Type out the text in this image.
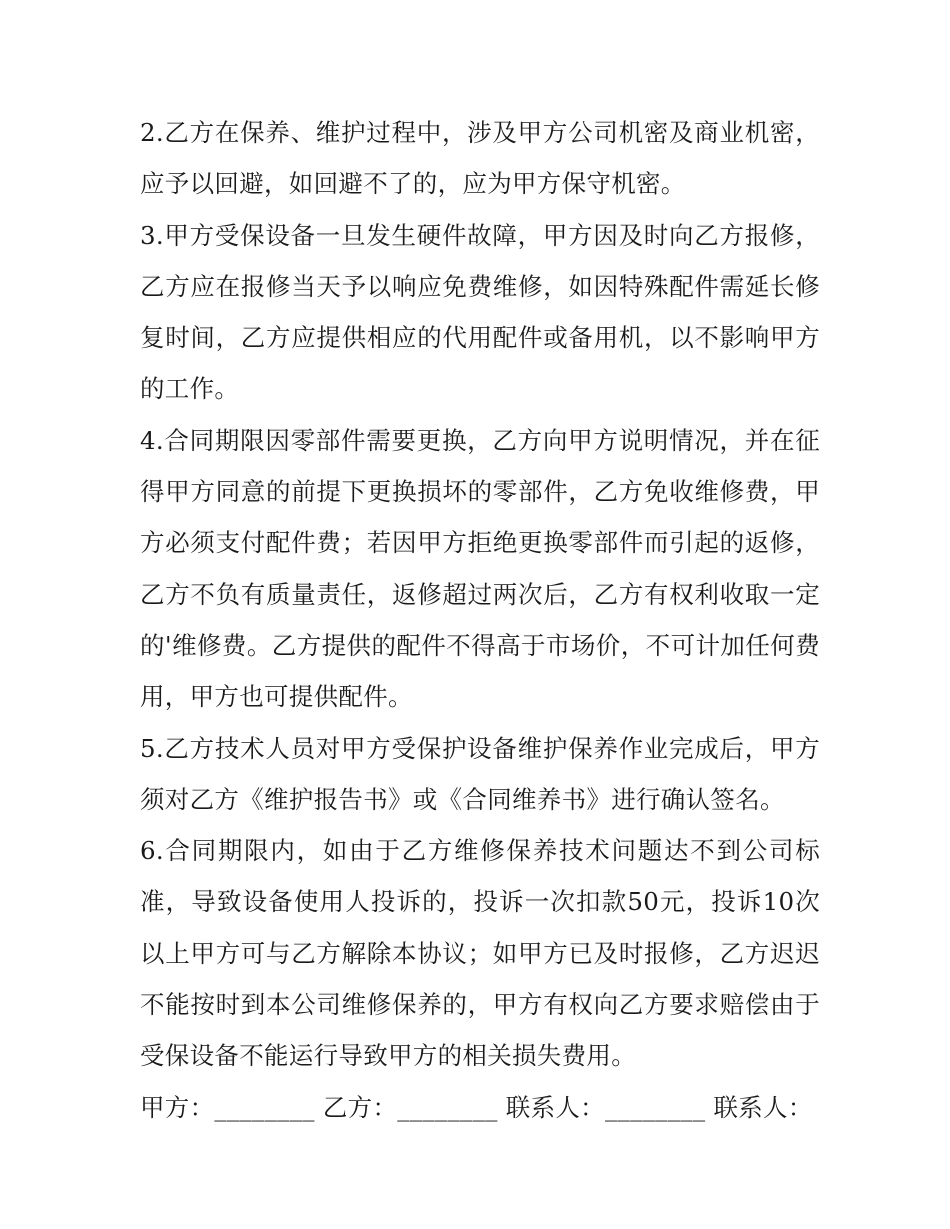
2.乙方在保养、维护过程中，涉及甲方公司机密及商业机密，应予以回避，如回避不了的，应为甲方保守机密。

3.甲方受保设备一旦发生硬件故障，甲方因及时向乙方报修，乙方应在报修当天予以响应免费维修，如因特殊配件需延长修复时间，乙方应提供相应的代用配件或备用机，以不影响甲方的工作。

4.合同期限因零部件需要更换，乙方向甲方说明情况，并在征得甲方同意的前提下更换损坏的零部件，乙方免收维修费，甲方必须支付配件费；若因甲方拒绝更换零部件而引起的返修，乙方不负有质量责任，返修超过两次后，乙方有权利收取一定的'维修费。乙方提供的配件不得高于市场价，不可计加任何费用，甲方也可提供配件。

5.乙方技术人员对甲方受保护设备维护保养作业完成后，甲方须对乙方《维护报告书》或《合同维养书》进行确认签名。

6.合同期限内，如由于乙方维修保养技术问题达不到公司标准，导致设备使用人投诉的，投诉一次扣款50元，投诉10次以上甲方可与乙方解除本协议；如甲方已及时报修，乙方迟迟不能按时到本公司维修保养的，甲方有权向乙方要求赔偿由于受保设备不能运行导致甲方的相关损失费用。

甲方：________ 乙方：________ 联系人：________ 联系人：
